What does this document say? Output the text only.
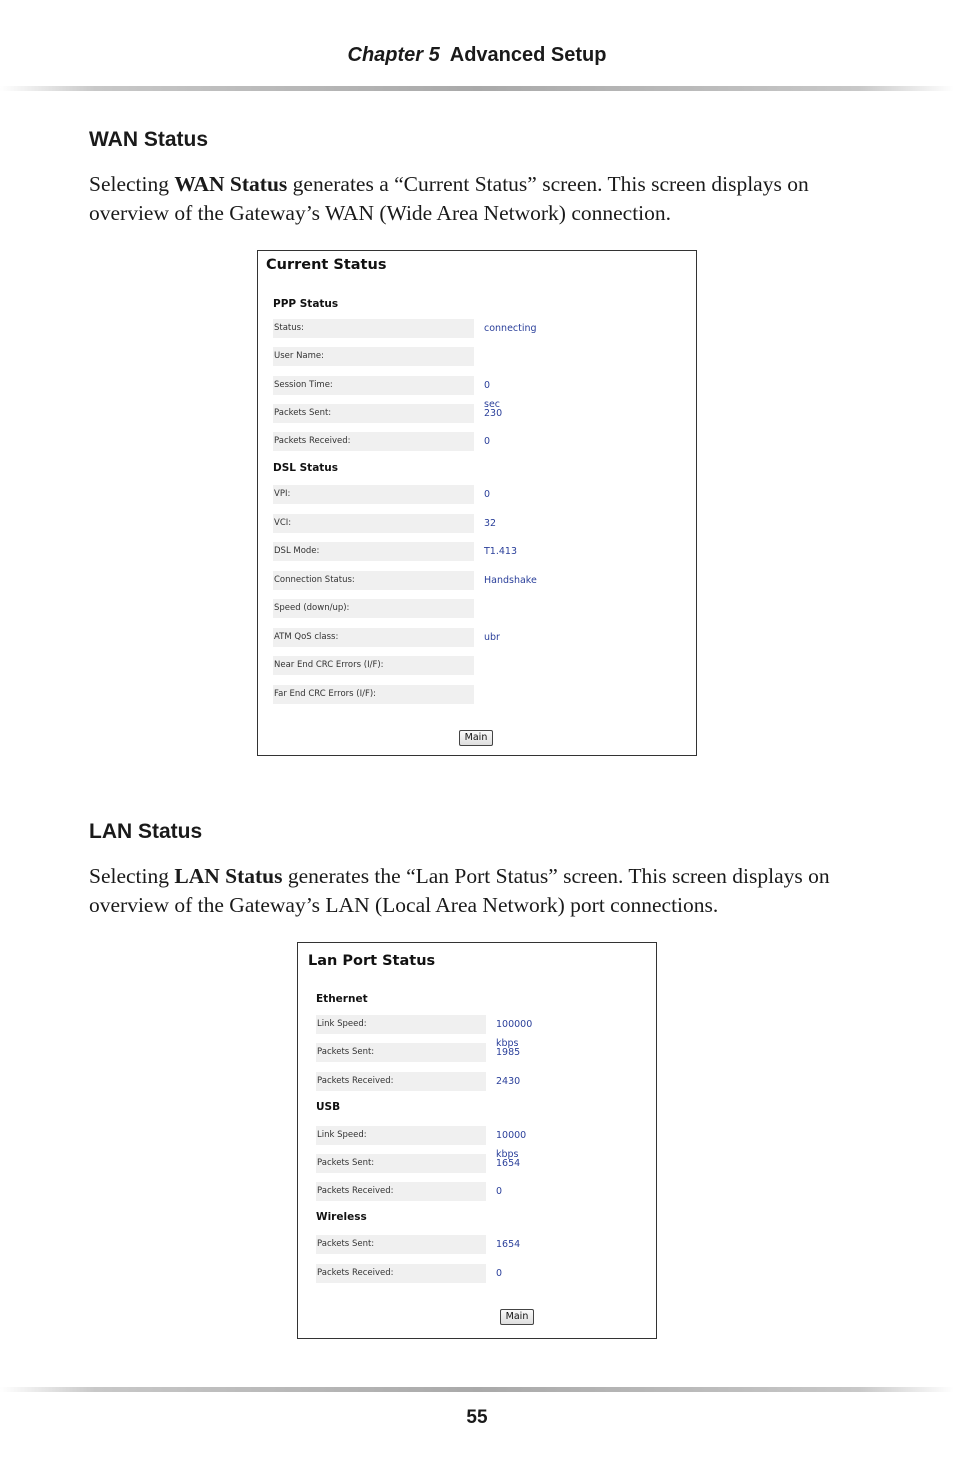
Chapter 5 Advanced Setup
WAN Status
Selecting WAN Status generates a “Current Status” screen. This screen displays on overview of the Gateway’s WAN (Wide Area Network) connection.
Current Status
PPP Status
Status:	connecting
User Name:
Session Time:	0 sec
Packets Sent:	230
Packets Received:	0
DSL Status
VPI:	0
VCI:	32
DSL Mode:	T1.413
Connection Status:	Handshake
Speed (down/up):
ATM QoS class:	ubr
Near End CRC Errors (I/F):
Far End CRC Errors (I/F):
Main
LAN Status
Selecting LAN Status generates the “Lan Port Status” screen. This screen displays on overview of the Gateway’s LAN (Local Area Network) port connections.
Lan Port Status
Ethernet
Link Speed:	100000 kbps
Packets Sent:	1985
Packets Received:	2430
USB
Link Speed:	10000 kbps
Packets Sent:	1654
Packets Received:	0
Wireless
Packets Sent:	1654
Packets Received:	0
Main
55
